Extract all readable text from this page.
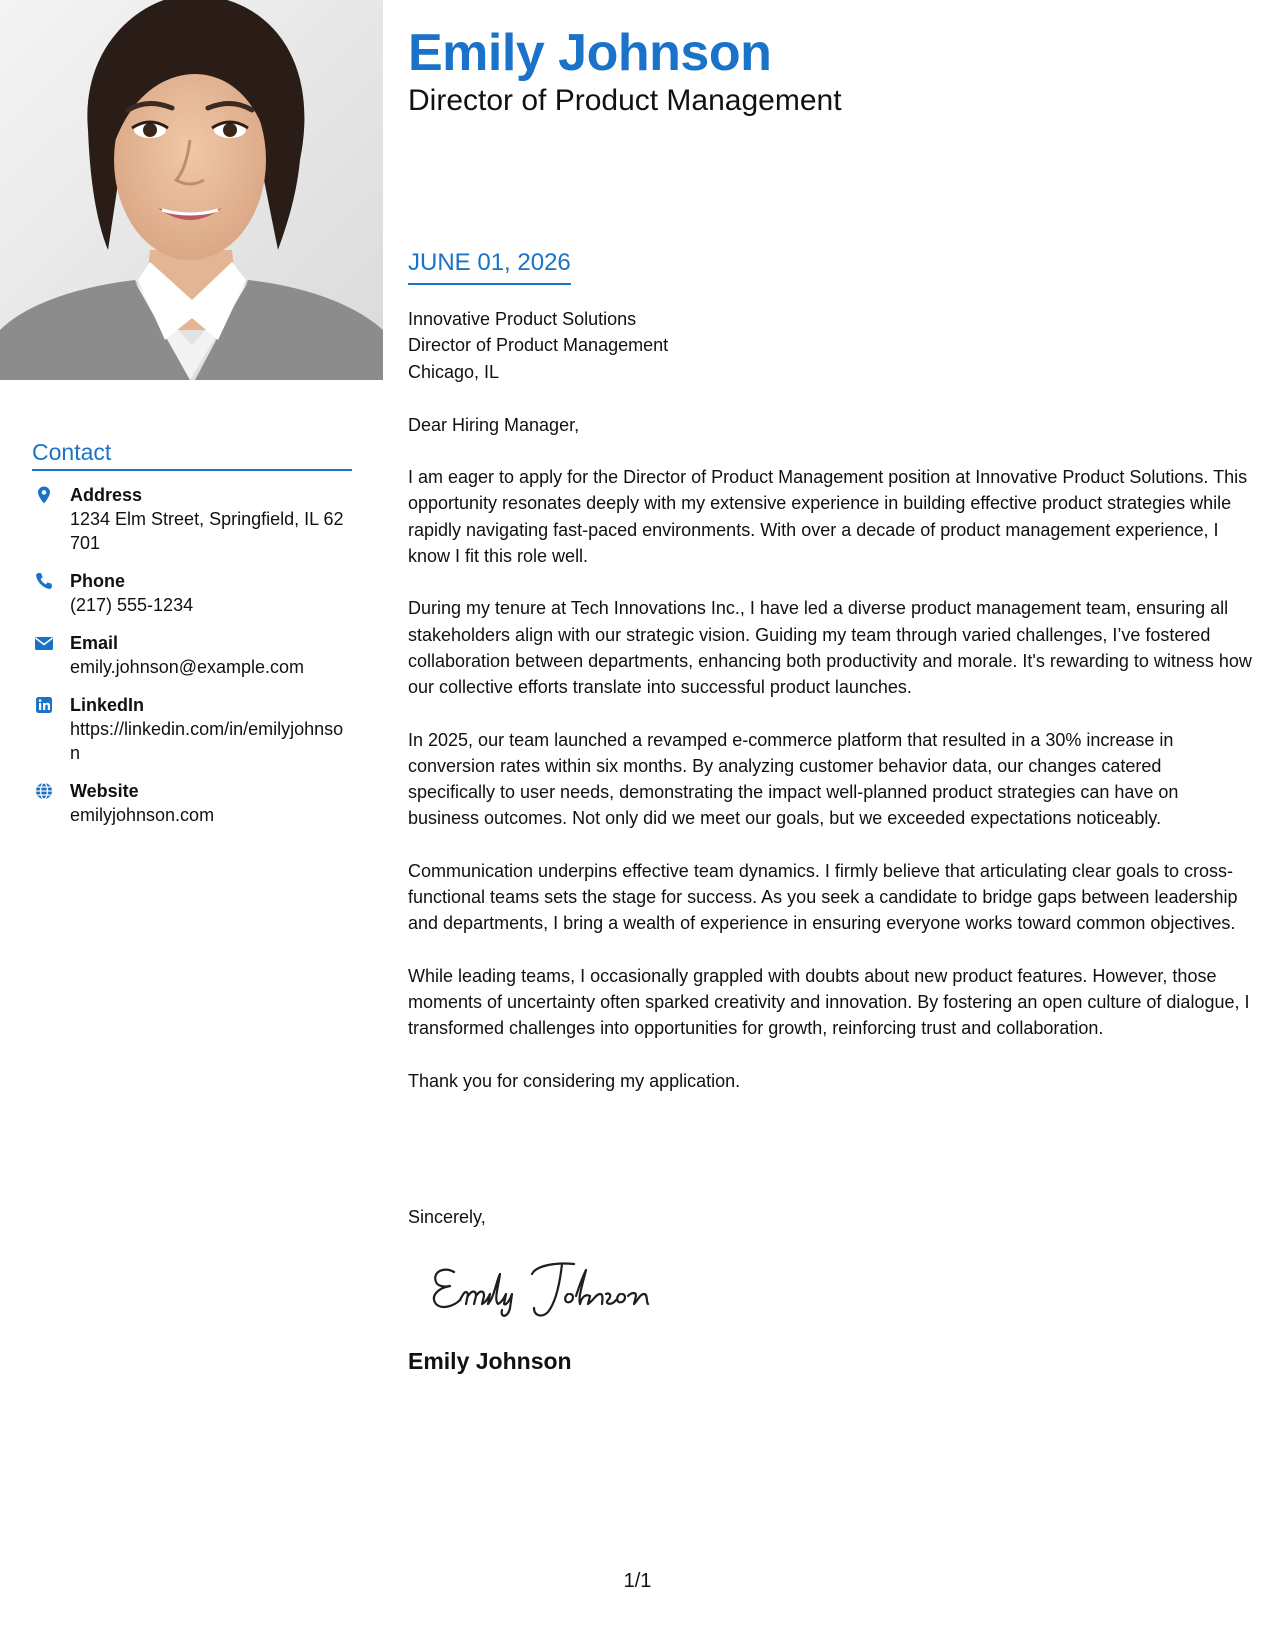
Emily Johnson
Director of Product Management
Contact
Address
1234 Elm Street, Springfield, IL 62701
Phone
(217) 555-1234
Email
emily.johnson@example.com
LinkedIn
https://linkedin.com/in/emilyjohnson
Website
emilyjohnson.com
JUNE 01, 2026
Innovative Product Solutions
Director of Product Management
Chicago, IL
Dear Hiring Manager,
I am eager to apply for the Director of Product Management position at Innovative Product Solutions. This opportunity resonates deeply with my extensive experience in building effective product strategies while rapidly navigating fast-paced environments. With over a decade of product management experience, I know I fit this role well.
During my tenure at Tech Innovations Inc., I have led a diverse product management team, ensuring all stakeholders align with our strategic vision. Guiding my team through varied challenges, I’ve fostered collaboration between departments, enhancing both productivity and morale. It's rewarding to witness how our collective efforts translate into successful product launches.
In 2025, our team launched a revamped e-commerce platform that resulted in a 30% increase in conversion rates within six months. By analyzing customer behavior data, our changes catered specifically to user needs, demonstrating the impact well-planned product strategies can have on business outcomes. Not only did we meet our goals, but we exceeded expectations noticeably.
Communication underpins effective team dynamics. I firmly believe that articulating clear goals to cross-functional teams sets the stage for success. As you seek a candidate to bridge gaps between leadership and departments, I bring a wealth of experience in ensuring everyone works toward common objectives.
While leading teams, I occasionally grappled with doubts about new product features. However, those moments of uncertainty often sparked creativity and innovation. By fostering an open culture of dialogue, I transformed challenges into opportunities for growth, reinforcing trust and collaboration.
Thank you for considering my application.
Sincerely,
Emily Johnson
1/1
